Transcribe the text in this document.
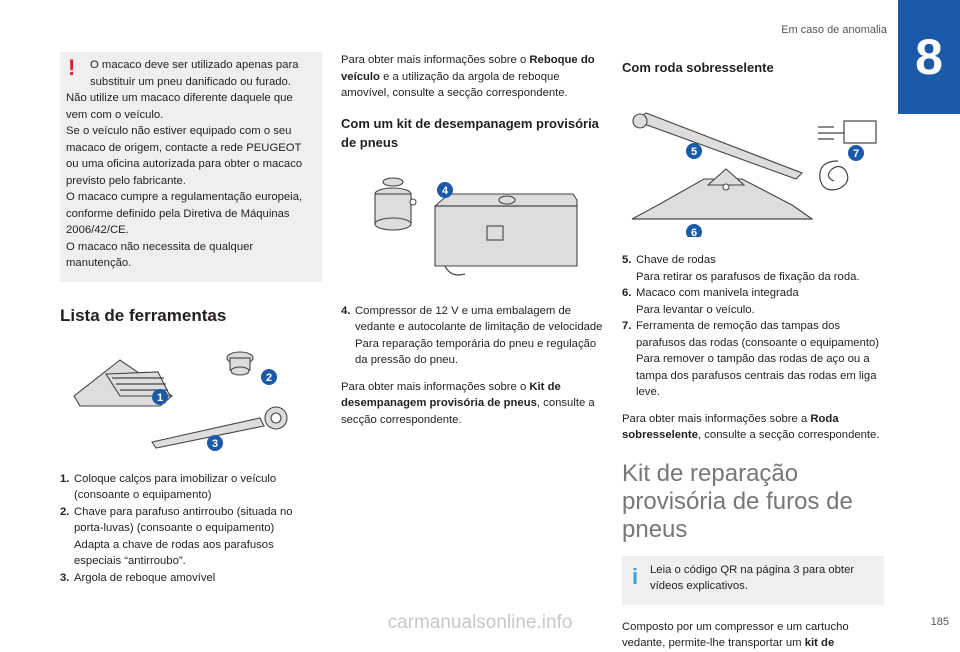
Em caso de anomalia 8
!	O macaco deve ser utilizado apenas para substituir um pneu danificado ou furado.

Não utilize um macaco diferente daquele que vem com o veículo.

Se o veículo não estiver equipado com o seu macaco de origem, contacte a rede PEUGEOT ou uma oficina autorizada para obter o macaco previsto pelo fabricante.

O macaco cumpre a regulamentação europeia, conforme definido pela Diretiva de Máquinas 2006/42/CE.

O macaco não necessita de qualquer manutenção.

Lista de ferramentas
1
2
3
1. Coloque calços para imobilizar o veículo (consoante o equipamento)
2. Chave para parafuso antirroubo (situada no porta-luvas) (consoante o equipamento)
Adapta a chave de rodas aos parafusos especiais “antirroubo”.
3. Argola de reboque amovível

Para obter mais informações sobre o Reboque do veículo e a utilização da argola de reboque amovível, consulte a secção correspondente.

Com um kit de desempanagem provisória de pneus
4
4. Compressor de 12 V e uma embalagem de vedante e autocolante de limitação de velocidade
Para reparação temporária do pneu e regulação da pressão do pneu.

Para obter mais informações sobre o Kit de desempanagem provisória de pneus, consulte a secção correspondente.

Com roda sobresselente
5
6
7
5. Chave de rodas
Para retirar os parafusos de fixação da roda.
6. Macaco com manivela integrada
Para levantar o veículo.
7. Ferramenta de remoção das tampas dos parafusos das rodas (consoante o equipamento)
Para remover o tampão das rodas de aço ou a tampa dos parafusos centrais das rodas em liga leve.

Para obter mais informações sobre a Roda sobresselente, consulte a secção correspondente.

Kit de reparação provisória de furos de pneus
i Leia o código QR na página 3 para obter vídeos explicativos.

Composto por um compressor e um cartucho vedante, permite-lhe transportar um kit de

185
carmanualsonline.info
